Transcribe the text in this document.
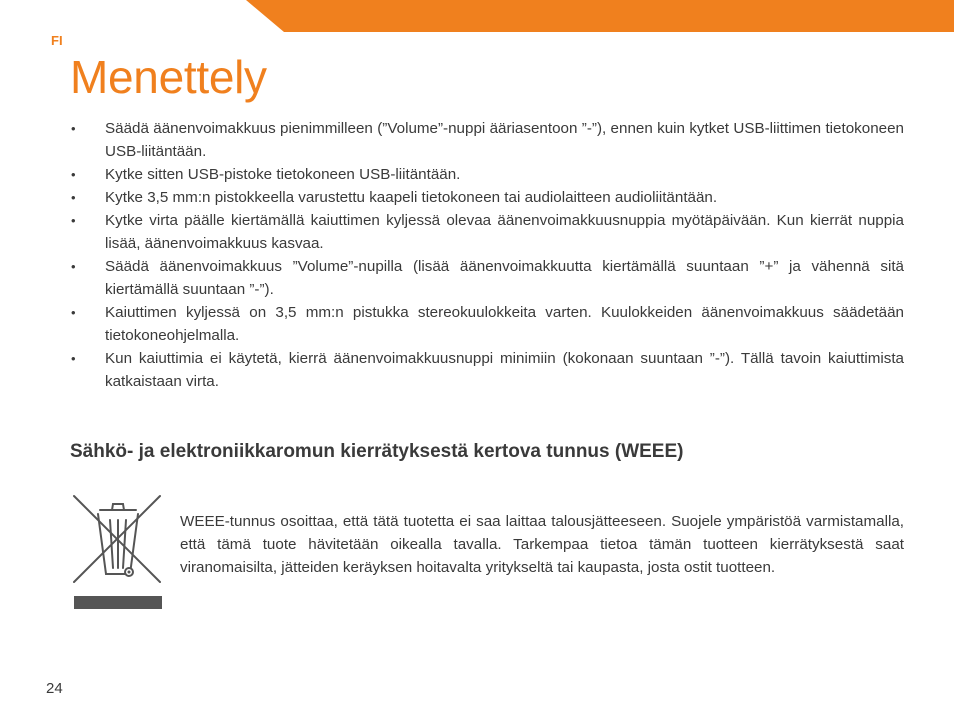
FI
Menettely
• Säädä äänenvoimakkuus pienimmilleen (”Volume”-nuppi ääriasentoon ”-”), ennen kuin kytket USB-liittimen tietokoneen USB-liitäntään.
• Kytke sitten USB-pistoke tietokoneen USB-liitäntään.
• Kytke 3,5 mm:n pistokkeella varustettu kaapeli tietokoneen tai audiolaitteen audioliitäntään.
• Kytke virta päälle kiertämällä kaiuttimen kyljessä olevaa äänenvoimakkuusnuppia myötäpäivään. Kun kierrät nuppia lisää, äänenvoimakkuus kasvaa.
• Säädä äänenvoimakkuus ”Volume”-nupilla (lisää äänenvoimakkuutta kiertämällä suuntaan ”+” ja vähennä sitä kiertämällä suuntaan ”-”).
• Kaiuttimen kyljessä on 3,5 mm:n pistukka stereokuulokkeita varten. Kuulokkeiden äänenvoimakkuus säädetään tietokoneohjelmalla.
• Kun kaiuttimia ei käytetä, kierrä äänenvoimakkuusnuppi minimiin (kokonaan suuntaan ”-”). Tällä tavoin kaiuttimista katkaistaan virta.
Sähkö- ja elektroniikkaromun kierrätyksestä kertova tunnus (WEEE)

WEEE-tunnus osoittaa, että tätä tuotetta ei saa laittaa talousjätteeseen. Suojele ympäristöä varmistamalla, että tämä tuote hävitetään oikealla tavalla. Tarkempaa tietoa tämän tuotteen kierrätyksestä saat viranomaisilta, jätteiden keräyksen hoitavalta yritykseltä tai kaupasta, josta ostit tuotteen.

24
